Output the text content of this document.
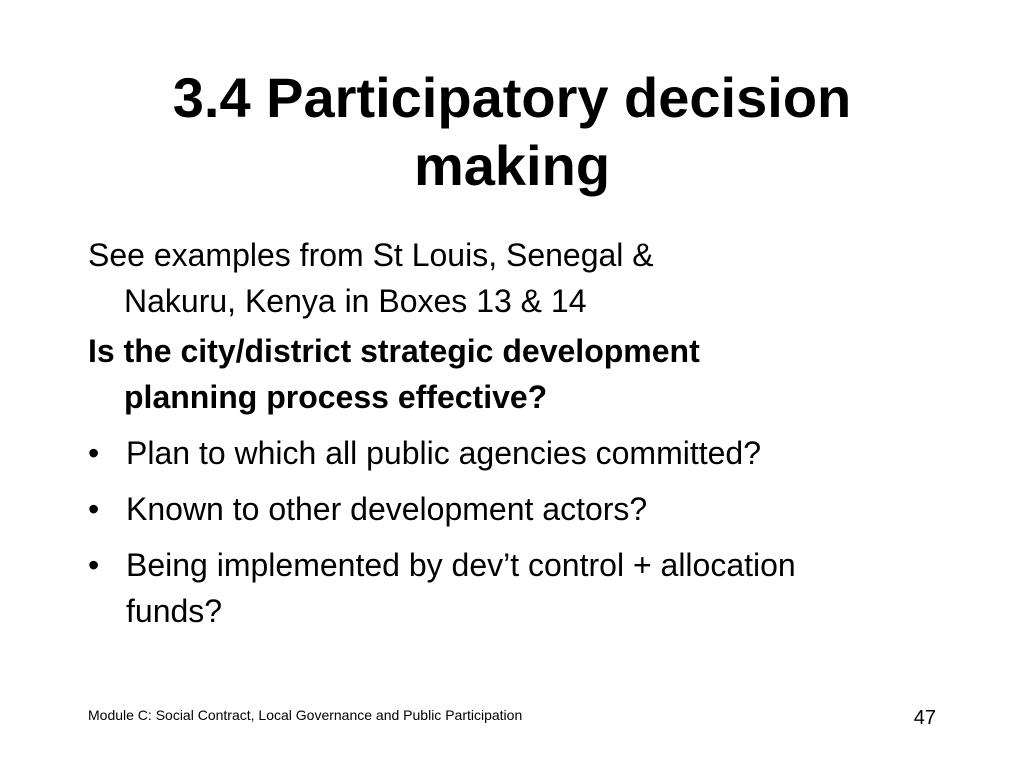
3.4 Participatory decision
making

See examples from St Louis, Senegal &
Nakuru, Kenya in Boxes 13 & 14

Is the city/district strategic development
planning process effective?

• Plan to which all public agencies committed?
• Known to other development actors?
• Being implemented by dev’t control + allocation funds?
Module C: Social Contract, Local Governance and Public Participation	47
